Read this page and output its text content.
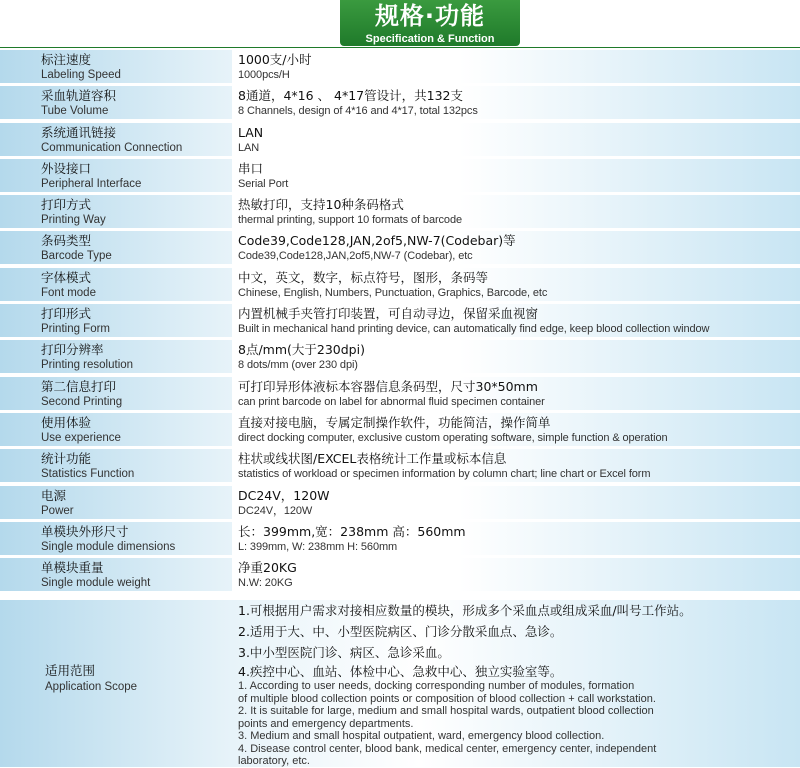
规格·功能
Specification & Function
标注速度
Labeling Speed
1000支/小时
1000pcs/H
采血轨道容积
Tube Volume
8通道，4*16 、 4*17管设计，共132支
8 Channels, design of 4*16 and 4*17, total 132pcs
系统通讯链接
Communication Connection
LAN
LAN
外设接口
Peripheral Interface
串口
Serial Port
打印方式
Printing Way
热敏打印，支持10种条码格式
thermal printing, support 10 formats of barcode
条码类型
Barcode Type
Code39,Code128,JAN,2of5,NW-7(Codebar)等
Code39,Code128,JAN,2of5,NW-7 (Codebar), etc
字体模式
Font mode
中文，英文，数字，标点符号，图形，条码等
Chinese, English, Numbers, Punctuation, Graphics, Barcode, etc
打印形式
Printing Form
内置机械手夹管打印装置，可自动寻边，保留采血视窗
Built in mechanical hand printing device, can automatically find edge, keep blood collection window
打印分辨率
Printing resolution
8点/mm(大于230dpi)
8 dots/mm (over 230 dpi)
第二信息打印
Second Printing
可打印异形体液标本容器信息条码型，尺寸30*50mm
can print barcode on label for abnormal fluid specimen container
使用体验
Use experience
直接对接电脑，专属定制操作软件，功能简洁，操作简单
direct docking computer, exclusive custom operating software, simple function & operation
统计功能
Statistics Function
柱状或线状图/EXCEL表格统计工作量或标本信息
statistics of workload or specimen information by column chart; line chart or Excel form
电源
Power
DC24V，120W
DC24V，120W
单模块外形尺寸
Single module dimensions
长：399mm,宽：238mm 高：560mm
L: 399mm, W: 238mm H: 560mm
单模块重量
Single module weight
净重20KG
N.W: 20KG
适用范围
Application Scope
1.可根据用户需求对接相应数量的模块，形成多个采血点或组成采血/叫号工作站。
2.适用于大、中、小型医院病区、门诊分散采血点、急诊。
3.中小型医院门诊、病区、急诊采血。
4.疾控中心、血站、体检中心、急救中心、独立实验室等。
1. According to user needs, docking corresponding number of modules, formation
of multiple blood collection points or composition of blood collection + call workstation.
2. It is suitable for large, medium and small hospital wards, outpatient blood collection
points and emergency departments.
3. Medium and small hospital outpatient, ward, emergency blood collection.
4. Disease control center, blood bank, medical center, emergency center, independent
laboratory, etc.
